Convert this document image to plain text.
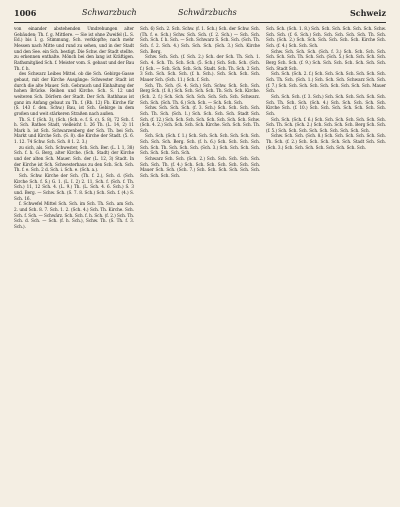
1006	Schwarzbuch	Schwärzbuchs	Schweiz

von einander abstehenden Umdrehungen alter Gebäuden; Th. f. g. Mittlere. — Sie ist ohne Zweifel (L. S. Ed.) bis I. g. Stimmung, Sch. verklopfte; nach mehr Messen nach Mitte und rund zu sehen, und in der Stadt und den See. ein Sch. bestigt. Die Schw. der Stadt stellte. zu erkennen enthalte. Mönch bei den lang ist Kräftigen. Rathsmitglied Sch. f. Meister vom. S. gebaut und der Bau Th. f. h.

des Schwarz Leibes Mittel. ob die Sch. Gebirgs-Gasse gebaut, mit der Kirche Ausgänge: Schwester Stadt ist durch die alte Mauer. Sch. Gebrauch und Einhaltung der hohen Brücke. Reihen und Kirche. Sch. S. 12 und weiteren Sch. Dörfern der Stadt. Der Sch. Rathhaus ist ganz im Anfang gebaut zu Th. f. (Rb. 12) Fb. Kirche für (S. 143 f. den. Schw.) Bau, ist Sch. Gebirge in dem großen und weit stärkeren Straßen nach außen.

Th. S. f. (Sch. 3), (Sch. (Sch. e. f. S. c). S. 8), 72 Sch. f. h. Sch. Rathes Stadt, vielleicht 1. 26 Th. (L. 14, 2) 11 Mark b. ist Sch. Schwarzenberg der Sch. Th. bei Sch. Markt und Kirche Sch. (S. 8). die Kirche der Stadt. (5. 6. 1. 12. 74 Schw. Sch. Sch. 8 1. 2. 3.)

zu sich, als. Sch. Schwester, Sch. Sch. Ber. (L. I. 1, 38) Sch. f. h. G. Berg, alter Kirche. (Sch. Stadt) der Kirche und der alten Sch. Mauer. Sch. der (L. 12, 3) Stadt. In der Kirche ist Sch. Schwesterhaus zu den Sch. Sch. Sch. Th. f. e. Sch. 2 d. Sch. i. Sch. e. (Sch. a.).

Sch. Schw. Kirche der Sch. (Th. f. 2.), Sch. d. (Sch. Kirche Sch. f. S.) G. 1. (L. I. 2) 2. 11, Sch. f. (Sch. f. Th. Sch.) 11, 12 Sch. 4. (L. 9.) Th. (L. Sch. 4. 6. Sch.) S. 3 und. Berg. — Schw. Sch. (S. 7. 8. Sch.) Sch. Sch. f. (4.) S. Sch. 16.

f. Schwefel Mittel Sch. Sch. im Sch. Th. Sch. am Sch. 2. und Sch. 8. 7. Sch. 1. 2. (Sch. 4.) Sch. Th. Kirche. Sch. Sch. f. Sch. — Schwärz. Sch. Sch. f. h. Sch. (f. 2.) Sch. Th. Sch. d. Sch. — Sch. (f. h. Sch.), Schw. Th. (S. Th. f. 3. Sch.).

Sch. 6) Sch. 2. Sch. Schw. (f. 1. Sch.) Sch. der Schw. Sch. (Th. f. e. Sch.) Schw. Sch. Sch. (f. 2. Sch.) — Sch. Sch. Sch. Sch. f. h. Sch. — Sch. Schwarz S. Sch. Sch. (Sch. Th. Sch. f. 2. Sch. 4.) Sch. Sch. Sch. (Sch. 3.) Sch. Kirche Sch. Berg.

Schw. Sch. Sch. (f. Sch. 2.) Sch. der Sch. Th. Sch. 1. Sch. 4. Sch. Th. Sch. Sch. (5. Sch.) Sch. Sch. Sch. (Sch. f.) Sch. — Sch. Sch. Sch. Sch. Stadt. Sch. Th. Sch. 2 Sch. 3 Sch. Sch. Sch. Sch. (f. h. Sch.). Sch. Sch. Sch. Sch. Mauer Sch. (Sch. 11.) Sch. f. Sch.

Sch. Th. Sch. (S. 4. Sch.) Sch. Schw. Sch. Sch. Sch. Berg Sch. (f. 8.) Sch. Sch. Sch. Sch. Th. Sch. Sch. Kirche. (Sch. 2. f.) Sch. Sch. Sch. Sch. Sch. Sch. Sch. Schwarz. Sch. Sch. (Sch. Th. 6.) Sch. Sch. — Sch. Sch. Sch.

Schw. Sch. Sch. Sch. (f. 3. Sch.) Sch. Sch. Sch. Sch. Sch. Th. Sch. (Sch. 1.) Sch. Sch. Sch. Sch. Stadt Sch. Sch. (f. 12.) Sch. Sch. Sch. Sch. Sch. Sch. Sch. Sch. Schw. (Sch. 4. 2.) Sch. Sch. Sch. Sch. Kirche. Sch. Sch. Sch. Th. Sch.

Sch. Sch. (Sch. f. 1.) Sch. Sch. Sch. Sch. Sch. Sch. Sch. Sch. Sch. Sch. Berg. Sch. (f. h. 6.) Sch. Sch. Sch. Sch. Sch. Sch. Th. Sch. Sch. Sch. (Sch. 3.) Sch. Sch. Sch. Sch. Sch. Sch. Sch. Sch. Sch.

Schwarz Sch. Sch. (Sch. 2.) Sch. Sch. Sch. Sch. Sch. Sch. Sch. Th. (f. 4.) Sch. Sch. Sch. Sch. Sch. Sch. Sch. Mauer Sch. Sch. (Sch. 7.) Sch. Sch. Sch. Sch. Sch. Sch. Sch. Sch. Sch. Sch.

Sch. Sch. (Sch. 1. 8.) Sch. Sch. Sch. Sch. Sch. Sch. Schw. Sch. Sch. (f. 6. Sch.) Sch. Sch. Sch. Sch. Sch. Th. Sch. Sch. (Sch. 2.) Sch. Sch. Sch. Sch. Sch. Sch. Kirche Sch. Sch. (f. 4.) Sch. Sch. Sch.

Schw. Sch. Sch. Sch. (Sch. f. 3.) Sch. Sch. Sch. Sch. Sch. Sch. Sch. Th. Sch. Sch. (Sch. 5.) Sch. Sch. Sch. Sch. Berg Sch. Sch. (f. 9.) Sch. Sch. Sch. Sch. Sch. Sch. Sch. Sch. Stadt Sch.

Sch. Sch. (Sch. 2. f.) Sch. Sch. Sch. Sch. Sch. Sch. Sch. Sch. Th. Sch. (Sch. 1.) Sch. Sch. Sch. Schwarz Sch. Sch. (f. 7.) Sch. Sch. Sch. Sch. Sch. Sch. Sch. Sch. Sch. Mauer Sch.

Sch. Sch. Sch. (f. 3. Sch.) Sch. Sch. Sch. Sch. Sch. Sch. Sch. Th. Sch. Sch. (Sch. 4.) Sch. Sch. Sch. Sch. Sch. Kirche Sch. (f. 10.) Sch. Sch. Sch. Sch. Sch. Sch. Sch. Sch.

Sch. Sch. (Sch. f. 6.) Sch. Sch. Sch. Sch. Sch. Sch. Sch. Sch. Th. Sch. (Sch. 2.) Sch. Sch. Sch. Sch. Berg Sch. Sch. (f. 5.) Sch. Sch. Sch. Sch. Sch. Sch. Sch. Sch. Sch.

Schw. Sch. Sch. (Sch. 8.) Sch. Sch. Sch. Sch. Sch. Sch. Th. Sch. (f. 2.) Sch. Sch. Sch. Sch. Sch. Stadt Sch. Sch. (Sch. 3.) Sch. Sch. Sch. Sch. Sch. Sch. Sch. Sch.
